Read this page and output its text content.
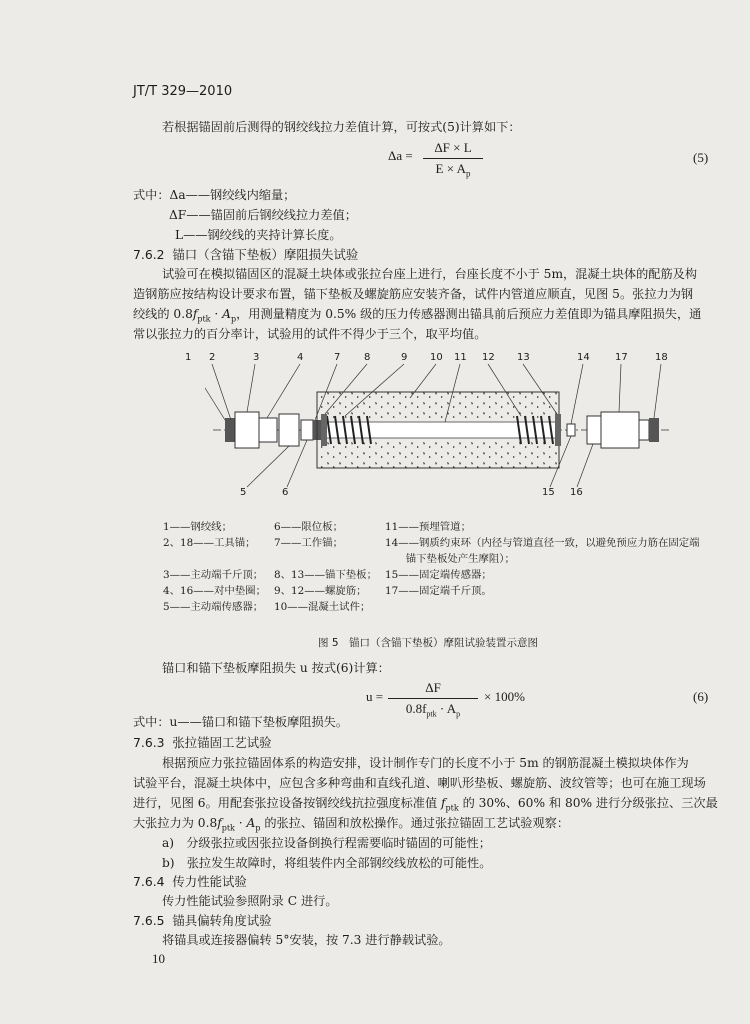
JT/T 329—2010
若根据锚固前后测得的钢绞线拉力差值计算，可按式(5)计算如下：
Δa =
ΔF × L
$E \times A_p$
(5)
式中：Δa——钢绞线内缩量；
ΔF——锚固前后钢绞线拉力差值；
L——钢绞线的夹持计算长度。
7.6.2 锚口（含锚下垫板）摩阻损失试验
试验可在模拟锚固区的混凝土块体或张拉台座上进行，台座长度不小于 5m，混凝土块体的配筋及构
造钢筋应按结构设计要求布置，锚下垫板及螺旋筋应安装齐备，试件内管道应顺直，见图 5。张拉力为钢
绞线的 $0.8f_{ptk} \cdot A_p$，用测量精度为 0.5% 级的压力传感器测出锚具前后预应力差值即为锚具摩阻损失，通
常以张拉力的百分率计，试验用的试件不得少于三个，取平均值。
1 2	3	4	7 8	9 10 11 12 13	14	17	18
5	6	15 16
1——钢绞线；
2、18——工具锚；

3——主动端千斤顶；
4、16——对中垫圈；
5——主动端传感器；
6——限位板；
7——工作锚；

8、13——锚下垫板；
9、12——螺旋筋；
10——混凝土试件；
11——预埋管道；
14——钢质约束环（内径与管道直径一致，以避免预应力筋在固定端
　　锚下垫板处产生摩阻）；
15——固定端传感器；
17——固定端千斤顶。
图 5　锚口（含锚下垫板）摩阻试验装置示意图
锚口和锚下垫板摩阻损失 u 按式(6)计算：
u =
ΔF
$0.8f_{ptk} \cdot A_p$
× 100%	(6)
式中：u——锚口和锚下垫板摩阻损失。
7.6.3 张拉锚固工艺试验
根据预应力张拉锚固体系的构造安排，设计制作专门的长度不小于 5m 的钢筋混凝土模拟块体作为
试验平台，混凝土块体中，应包含多种弯曲和直线孔道、喇叭形垫板、螺旋筋、波纹管等；也可在施工现场
进行，见图 6。用配套张拉设备按钢绞线抗拉强度标准值 $f_{ptk}$ 的 30%、60% 和 80% 进行分级张拉、三次最
大张拉力为 $0.8f_{ptk} \cdot A_p$ 的张拉、锚固和放松操作。通过张拉锚固工艺试验观察：
a)　分级张拉或因张拉设备倒换行程需要临时锚固的可能性；
b)　张拉发生故障时，将组装件内全部钢绞线放松的可能性。
7.6.4 传力性能试验
传力性能试验参照附录 C 进行。
7.6.5 锚具偏转角度试验
将锚具或连接器偏转 5°安装，按 7.3 进行静载试验。
10
